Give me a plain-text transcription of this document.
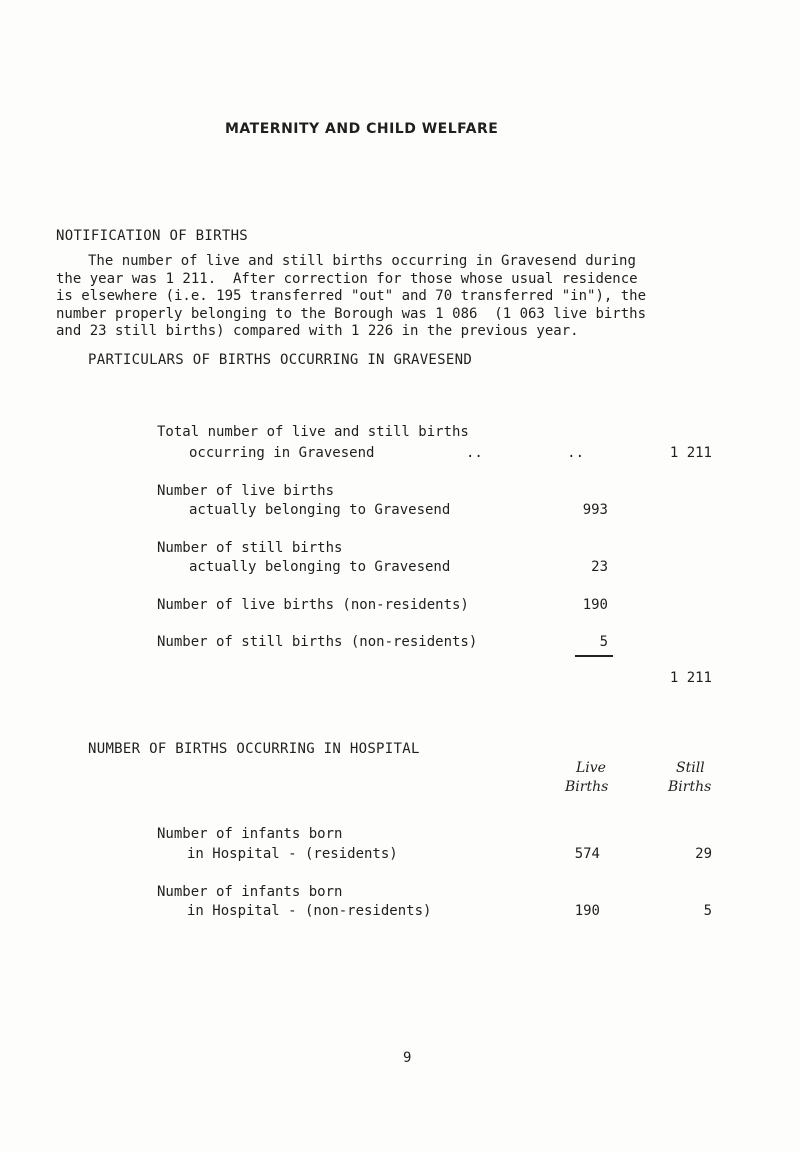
MATERNITY AND CHILD WELFARE
NOTIFICATION OF BIRTHS
The number of live and still births occurring in Gravesend during
the year was 1 211.  After correction for those whose usual residence
is elsewhere (i.e. 195 transferred "out" and 70 transferred "in"), the
number properly belonging to the Borough was 1 086  (1 063 live births
and 23 still births) compared with 1 226 in the previous year.
PARTICULARS OF BIRTHS OCCURRING IN GRAVESEND
Total number of live and still births
occurring in Gravesend	..          ..	1 211
Number of live births
actually belonging to Gravesend	993
Number of still births
actually belonging to Gravesend	23
Number of live births (non-residents)	190
Number of still births (non-residents)	5
1 211
NUMBER OF BIRTHS OCCURRING IN HOSPITAL
Live
Births
Still
Births
Number of infants born
in Hospital - (residents)	574	29
Number of infants born
in Hospital - (non-residents)	190	5
9
